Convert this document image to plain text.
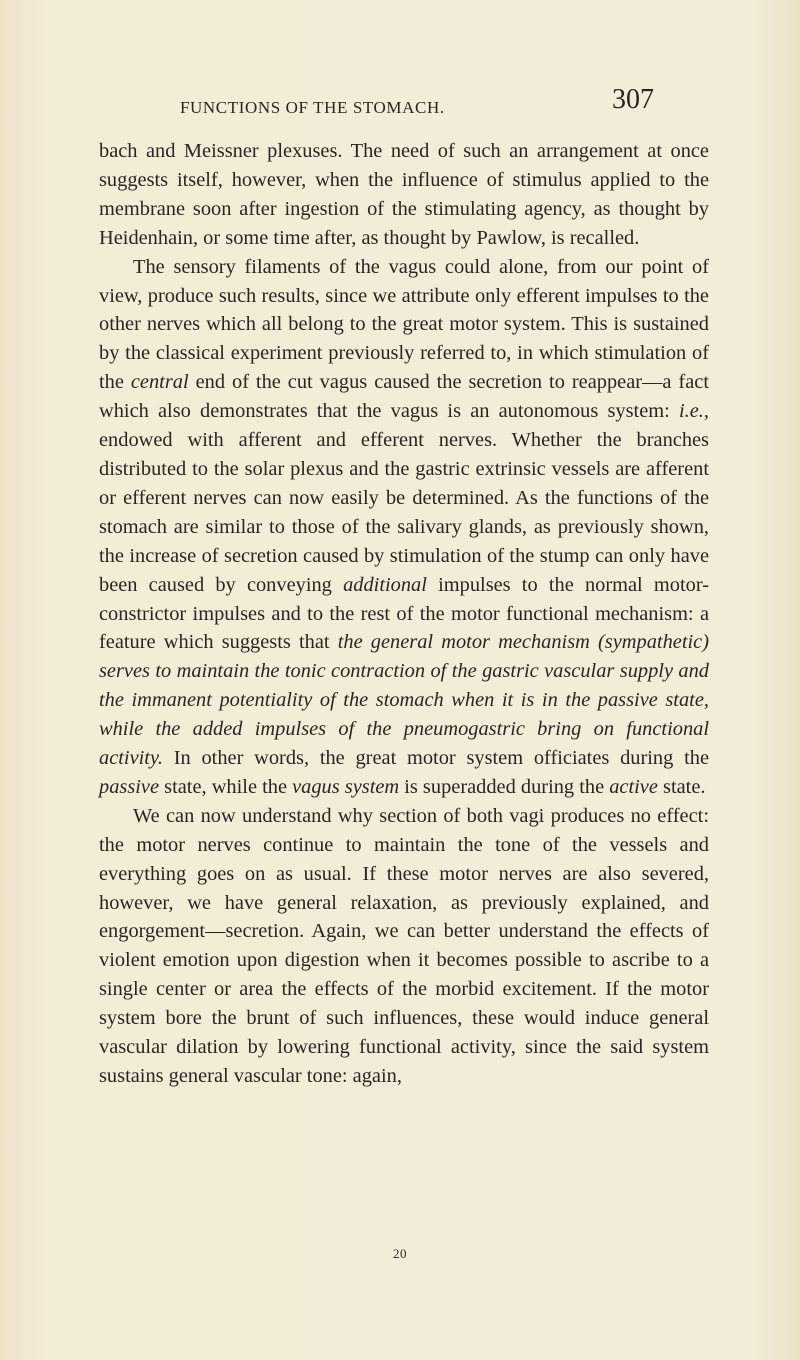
FUNCTIONS OF THE STOMACH.	307

bach and Meissner plexuses. The need of such an arrangement at once suggests itself, however, when the influence of stimulus applied to the membrane soon after ingestion of the stimulating agency, as thought by Heidenhain, or some time after, as thought by Pawlow, is recalled.

The sensory filaments of the vagus could alone, from our point of view, produce such results, since we attribute only efferent impulses to the other nerves which all belong to the great motor system. This is sustained by the classical experiment previously referred to, in which stimulation of the central end of the cut vagus caused the secretion to reappear—a fact which also demonstrates that the vagus is an autonomous system: i.e., endowed with afferent and efferent nerves. Whether the branches distributed to the solar plexus and the gastric extrinsic vessels are afferent or efferent nerves can now easily be determined. As the functions of the stomach are similar to those of the salivary glands, as previously shown, the increase of secretion caused by stimulation of the stump can only have been caused by conveying additional impulses to the normal motor-constrictor impulses and to the rest of the motor functional mechanism: a feature which suggests that the general motor mechanism (sympathetic) serves to maintain the tonic contraction of the gastric vascular supply and the immanent potentiality of the stomach when it is in the passive state, while the added impulses of the pneumogastric bring on functional activity. In other words, the great motor system officiates during the passive state, while the vagus system is superadded during the active state.

We can now understand why section of both vagi produces no effect: the motor nerves continue to maintain the tone of the vessels and everything goes on as usual. If these motor nerves are also severed, however, we have general relaxation, as previously explained, and engorgement—secretion. Again, we can better understand the effects of violent emotion upon digestion when it becomes possible to ascribe to a single center or area the effects of the morbid excitement. If the motor system bore the brunt of such influences, these would induce general vascular dilation by lowering functional activity, since the said system sustains general vascular tone: again,

20
